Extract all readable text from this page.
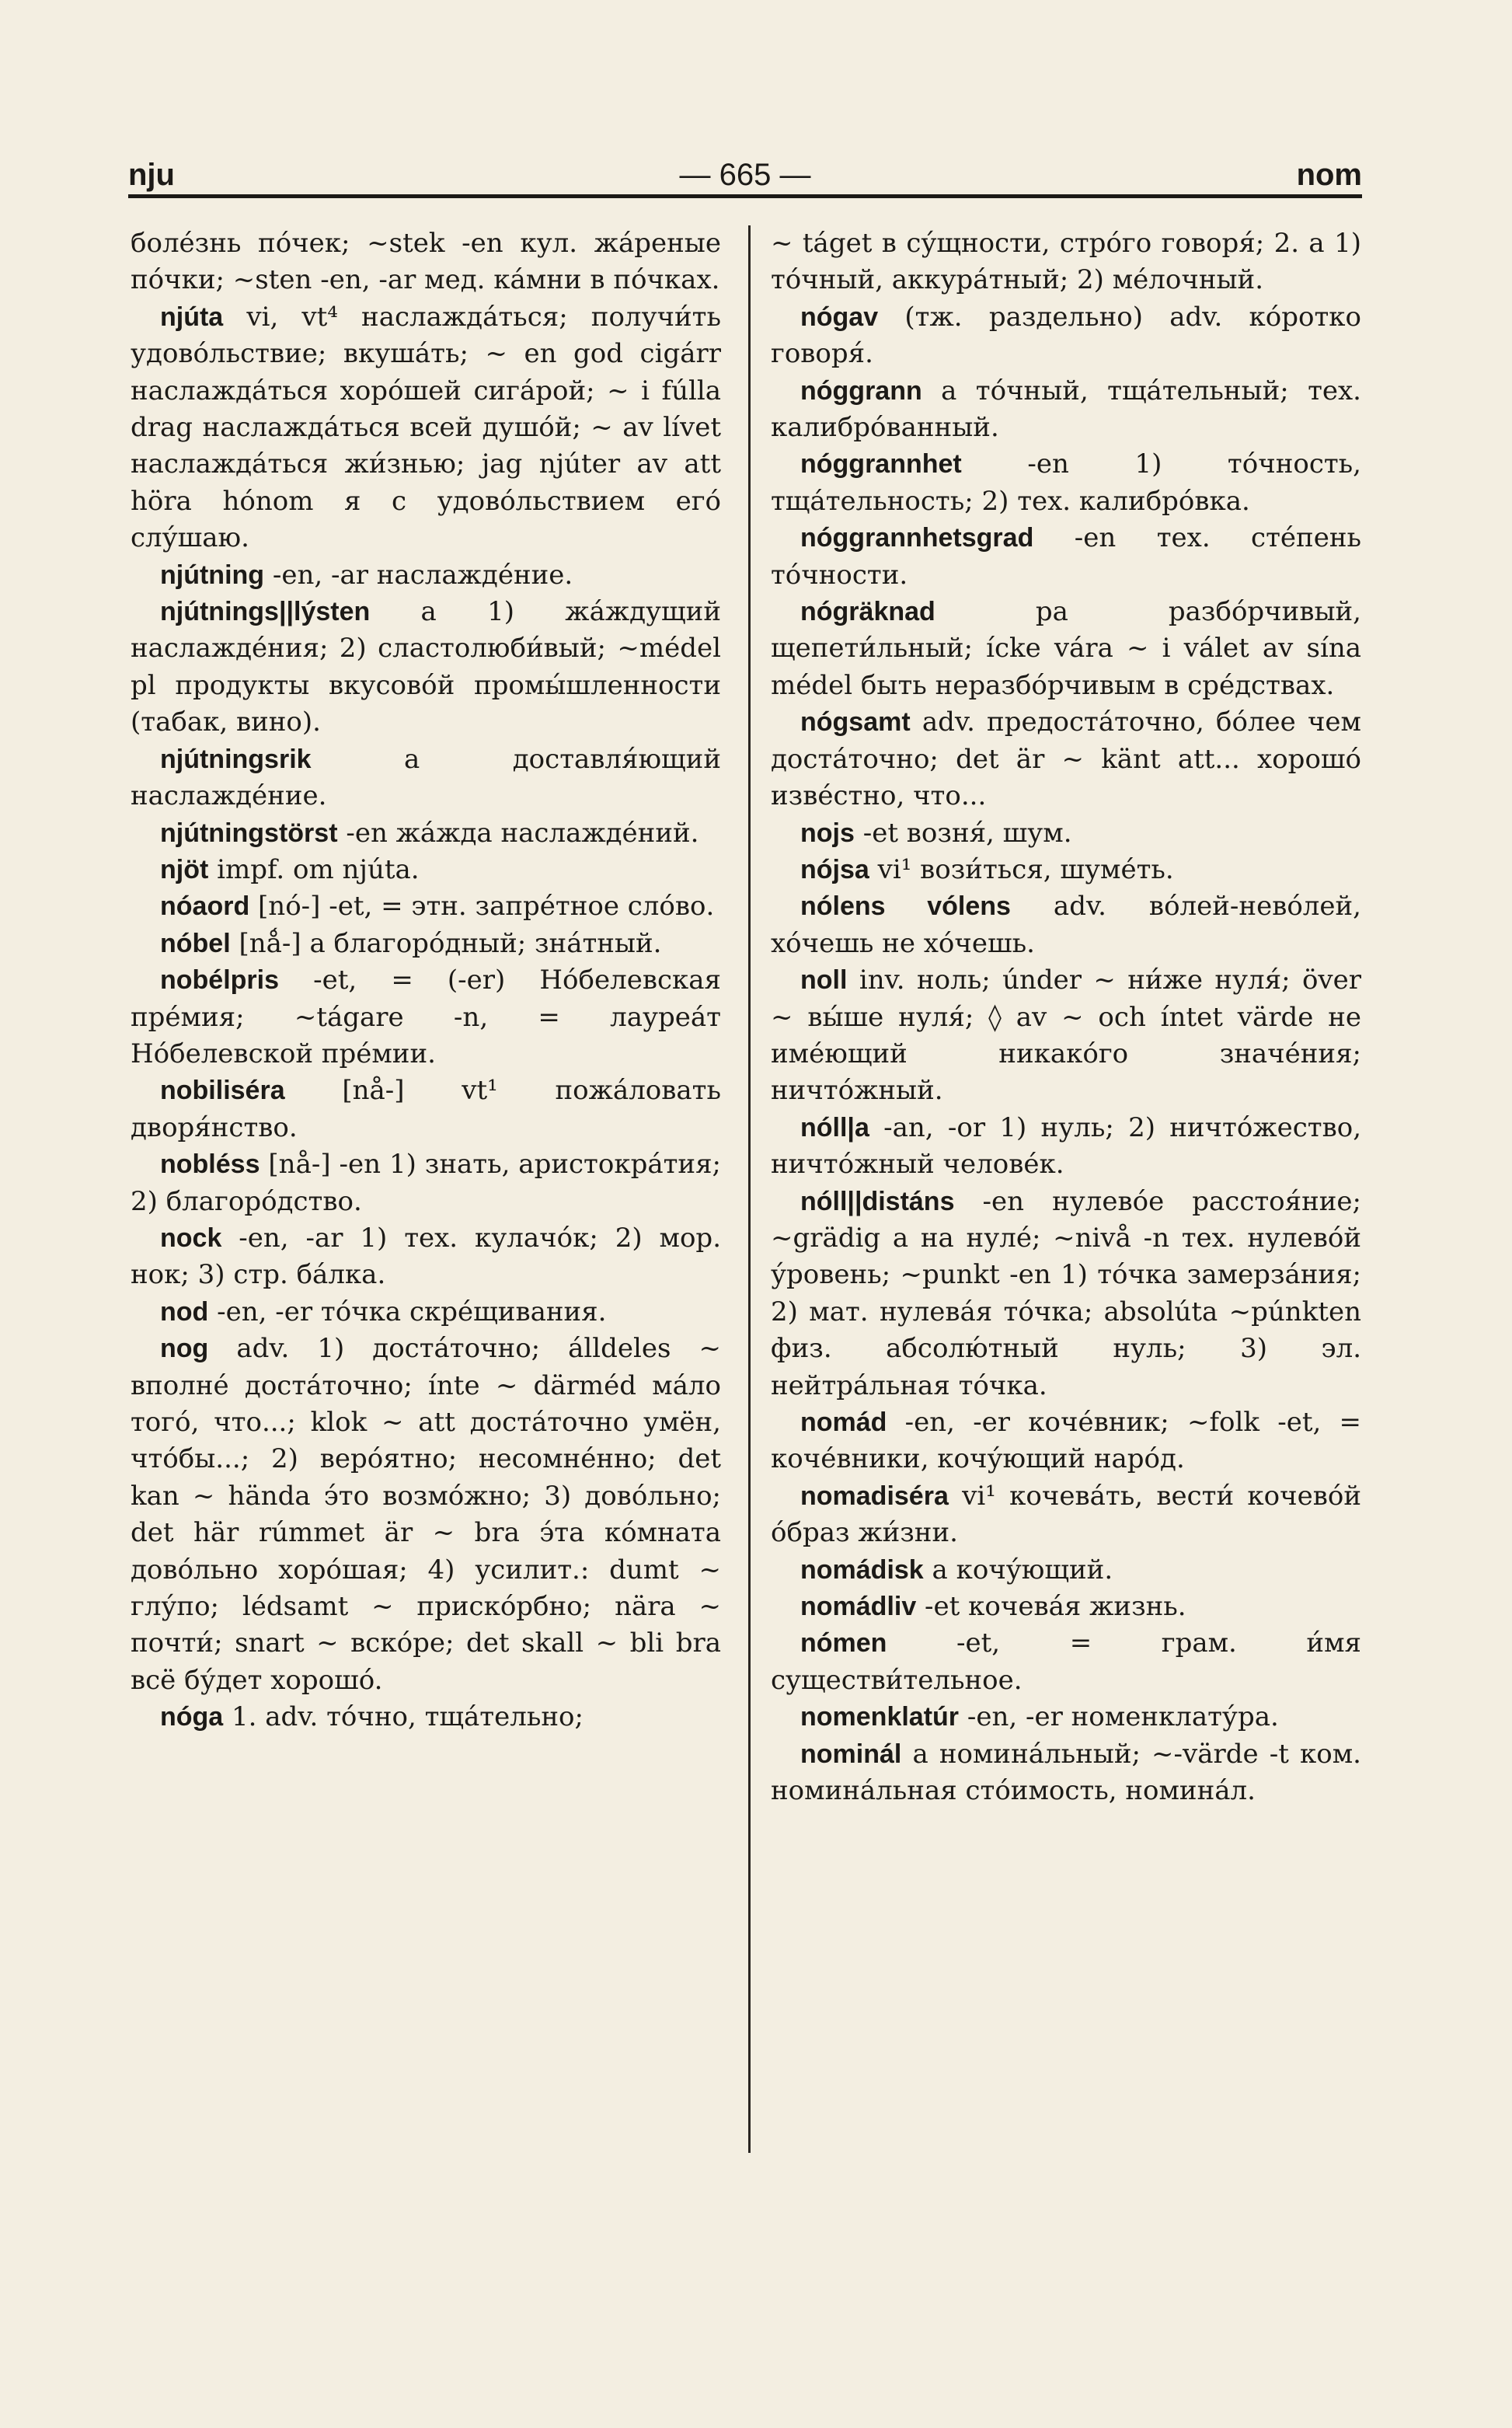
nju	— 665 —	nom

болéзнь пóчек; ~stek -en кул. жáреные пóчки; ~sten -en, -ar мед. кáмни в пóчках.

njúta vi, vt⁴ наслаждáться; получи́ть удовóльствие; вкушáть; ~ en god cigárr наслаждáться хорóшей сигáрой; ~ i fúlla drag наслаждáться всей душóй; ~ av lívet наслаждáться жи́знью; jag njúter av att höra hónom я с удовóльствием егó слу́шаю.

njútning -en, -ar наслаждéние.

njútnings||lýsten a 1) жáждущий наслаждéния; 2) сластолюби́вый; ~médel pl продукты вкусовóй промы́шленности (табак, вино).

njútningsrik a доставля́ющий наслаждéние.

njútningstörst -en жáжда наслаждéний.

njöt impf. om njúta.

nóaord [nó-] -et, = этн. запрéтное слóво.

nóbel [nǻ-] a благорóдный; знáтный.

nobélpris -et, = (-er) Нóбелевская прéмия; ~tágare -n, = лауреáт Нóбелевской прéмии.

nobiliséra [nå-] vt¹ пожáловать дворя́нство.

nobléss [nå-] -en 1) знать, аристокрáтия; 2) благорóдство.

nock -en, -ar 1) тех. кулачóк; 2) мор. нок; 3) стр. бáлка.

nod -en, -er тóчка скрéщивания.

nog adv. 1) достáточно; álldeles ~ вполнé достáточно; ínte ~ därméd мáло тогó, что...; klok ~ att достáточно умён, чтóбы...; 2) верóятно; несомнéнно; det kan ~ hända э́то возмóжно; 3) довóльно; det här rúmmet är ~ bra э́та кóмната довóльно хорóшая; 4) усилит.: dumt ~ глу́по; lédsamt ~ прискóрбно; nära ~ почти́; snart ~ вскóре; det skall ~ bli bra всё бу́дет хорошó.

nóga 1. adv. тóчно, тщáтельно;

~ táget в су́щности, стрóго говоря́; 2. a 1) тóчный, аккурáтный; 2) мéлочный.

nógav (тж. раздельно) adv. кóротко говоря́.

nóggrann a тóчный, тщáтельный; тех. калибрóванный.

nóggrannhet -en 1) тóчность, тщáтельность; 2) тех. калибрóвка.

nóggrannhetsgrad -en тех. стéпень тóчности.

nógräknad pa разбóрчивый, щепети́льный; ícke vára ~ i válet av sína médel быть неразбóрчивым в срéдствах.

nógsamt adv. предостáточно, бóлее чем достáточно; det är ~ känt att... хорошó извéстно, что...

nojs -et возня́, шум.

nójsa vi¹ вози́ться, шумéть.

nólens vólens adv. вóлей-невóлей, хóчешь не хóчешь.

noll inv. ноль; únder ~ ни́же нуля́; över ~ вы́ше нуля́; ◊ av ~ och íntet värde не имéющий никакóго значéния; ничтóжный.

nóll|a -an, -or 1) нуль; 2) ничтóжество, ничтóжный человéк.

nóll||distáns -en нулевóе расстоя́ние; ~grädig a на нулé; ~nivå -n тех. нулевóй у́ровень; ~punkt -en 1) тóчка замерзáния; 2) мат. нулевáя тóчка; absolúta ~púnkten физ. абсолю́тный нуль; 3) эл. нейтрáльная тóчка.

nomád -en, -er кочéвник; ~folk -et, = кочéвники, кочу́ющий нарóд.

nomadiséra vi¹ кочевáть, вести́ кочевóй óбраз жи́зни.

nomádisk a кочу́ющий.

nomádliv -et кочевáя жизнь.

nómen -et, = грам. и́мя существи́тельное.

nomenklatúr -en, -er номенклату́ра.

nominál a номинáльный; ~-värde -t ком. номинáльная стóимость, номинáл.
